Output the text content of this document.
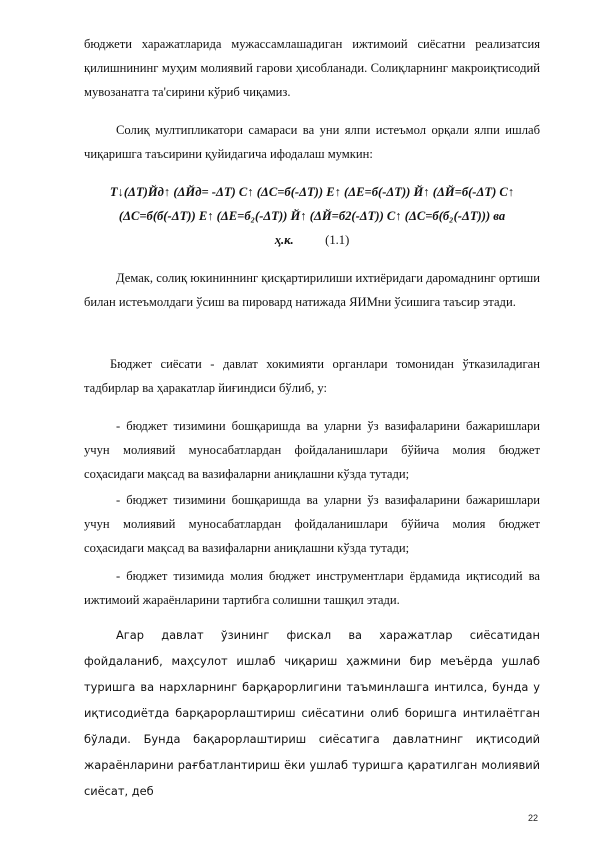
бюджети харажатларида мужассамлашадиган ижтимоий сиёсатни реализатсия қилишнининг муҳим молиявий гарови ҳисобланади. Солиқларнинг макроиқтисодий мувозанатга та'сирини кўриб чиқамиз.

Солиқ мултипликатори самараси ва уни ялпи истеъмол орқали ялпи ишлаб чиқаришга таъсирини қуйидагича ифодалаш мумкин:

Т↓(ΔТ)Йд↑ (ΔЙд= -ΔТ) С↑ (ΔС=б(-ΔТ)) Е↑ (ΔЕ=б(-ΔТ)) Й↑ (ΔЙ=б(-ΔТ) С↑ (ΔС=б(б(-ΔТ)) Е↑ (ΔЕ=б₂(-ΔТ)) Й↑ (ΔЙ=б2(-ΔТ)) С↑ (ΔС=б(б₂(-ΔТ))) ва ҳ.к. (1.1)

Демак, солиқ юкининнинг қисқартирилиши ихтиёридаги даромаднинг ортиши билан истеъмолдаги ўсиш ва пировард натижада ЯИМни ўсишига таъсир этади.

Бюджет сиёсати - давлат хокимияти органлари томонидан ўтказиладиган тадбирлар ва ҳаракатлар йиғиндиси бўлиб, у:

- бюджет тизимини бошқаришда ва уларни ўз вазифаларини бажаришлари учун молиявий муносабатлардан фойдаланишлари бўйича молия бюджет соҳасидаги мақсад ва вазифаларни аниқлашни кўзда тутади;

- бюджет тизимини бошқаришда ва уларни ўз вазифаларини бажаришлари учун молиявий муносабатлардан фойдаланишлари бўйича молия бюджет соҳасидаги мақсад ва вазифаларни аниқлашни кўзда тутади;

- бюджет тизимида молия бюджет инструментлари ёрдамида иқтисодий ва ижтимоий жараёнларини тартибга солишни ташқил этади.

Агар давлат ўзининг фискал ва харажатлар сиёсатидан фойдаланиб, маҳсулот ишлаб чиқариш ҳажмини бир меъёрда ушлаб туришга ва нархларнинг барқарорлигини таъминлашга интилса, бунда у иқтисодиётда барқарорлаштириш сиёсатини олиб боришга интилаётган бўлади. Бунда бақарорлаштириш сиёсатига давлатнинг иқтисодий жараёнларини рағбатлантириш ёки ушлаб туришга қаратилган молиявий сиёсат, деб

22
